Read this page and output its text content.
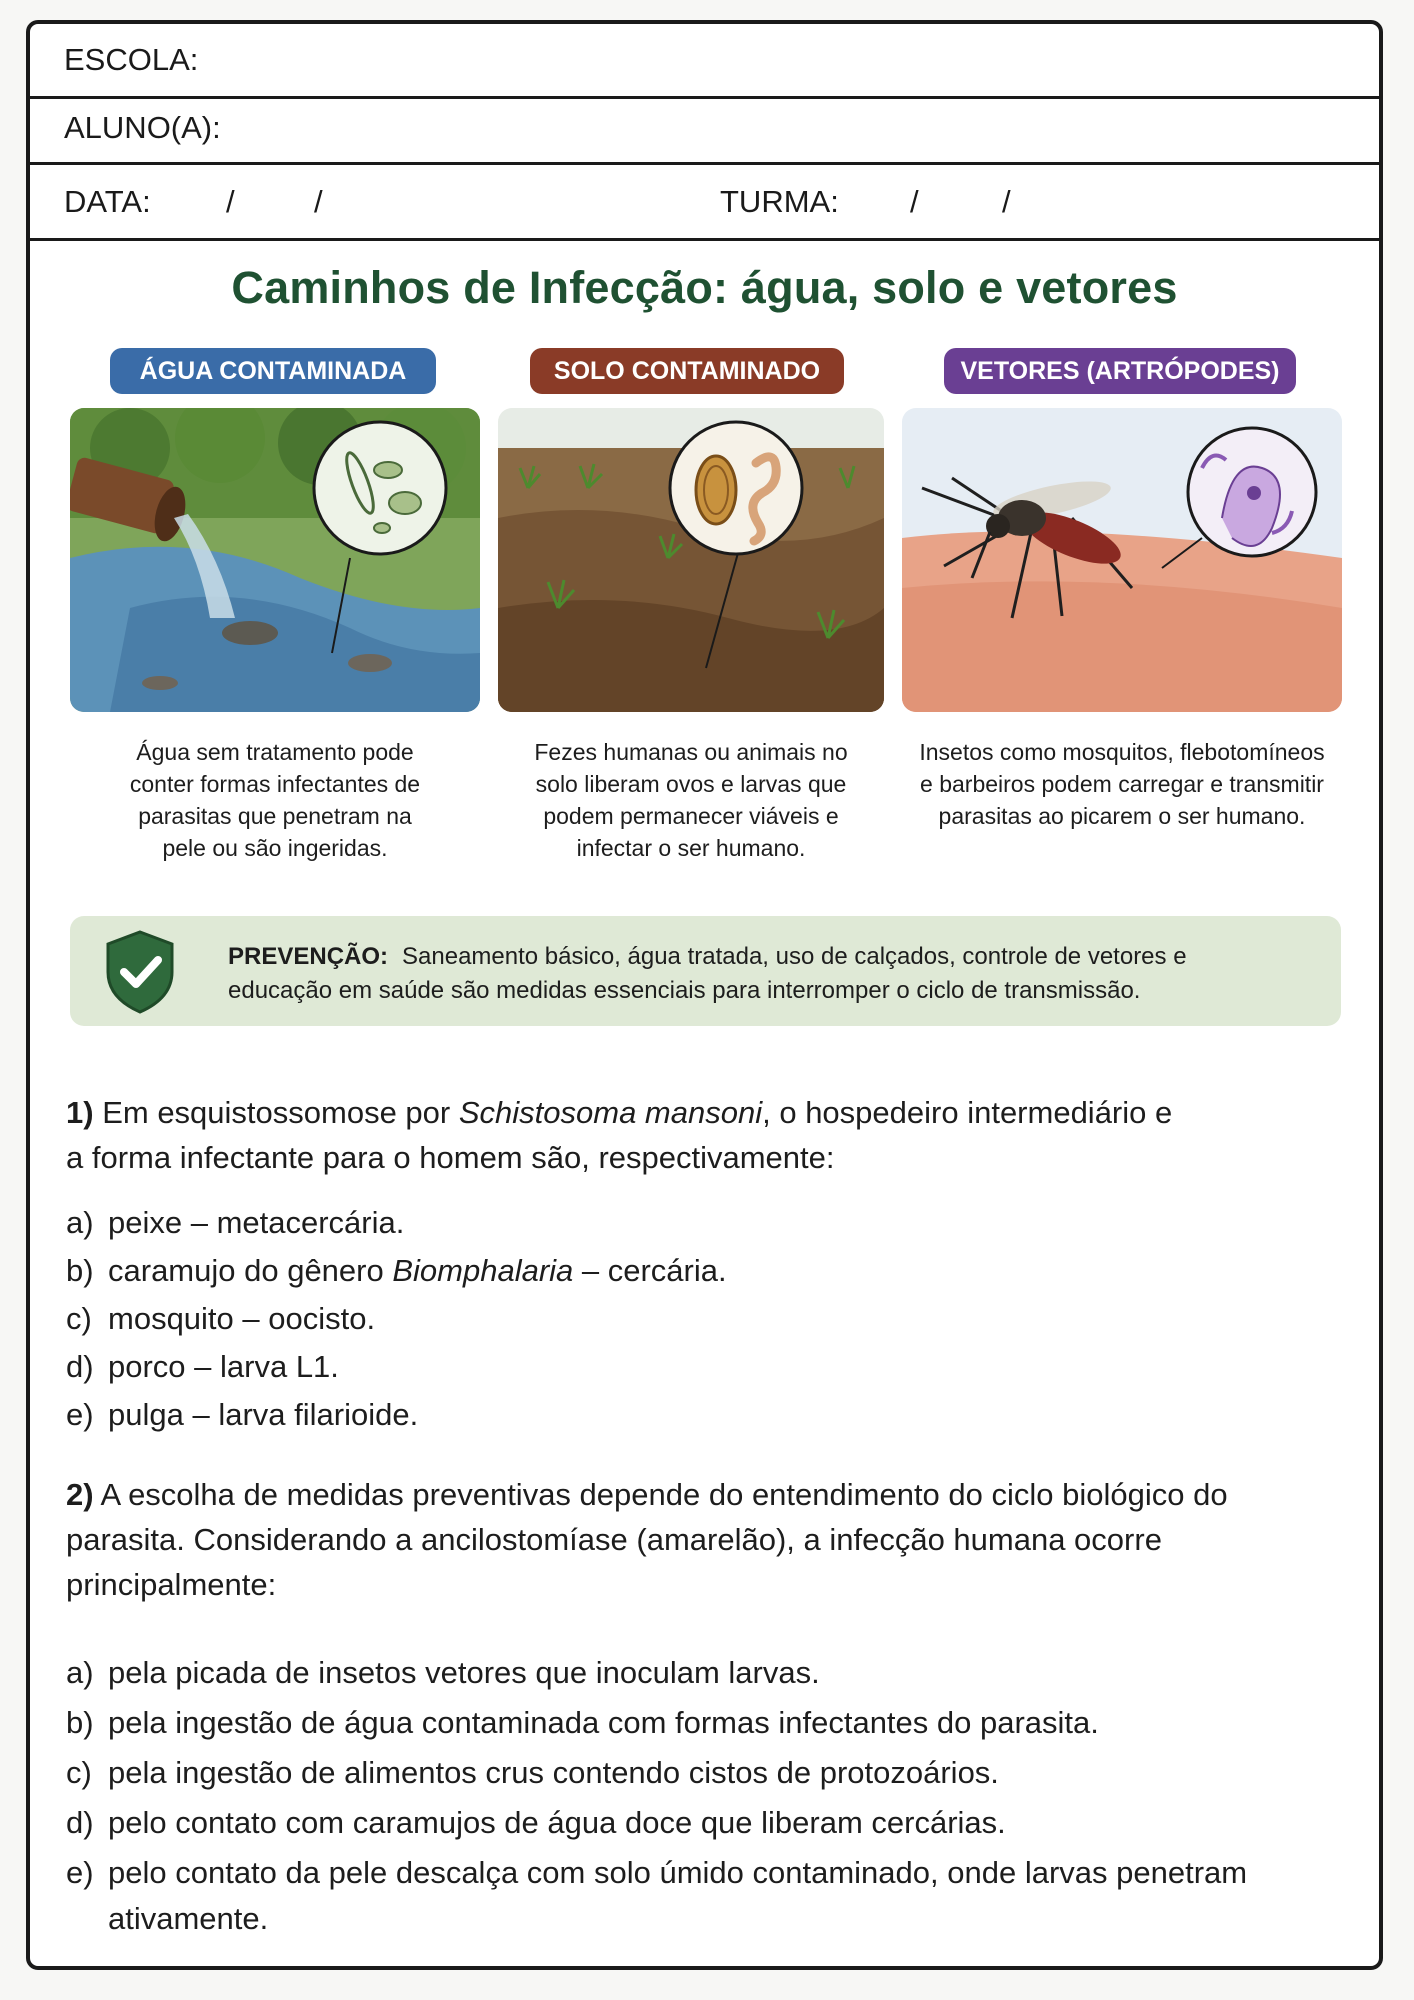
ESCOLA:
ALUNO(A):
DATA: /	/	TURMA: /	/
Caminhos de Infecção: água, solo e vetores
ÁGUA CONTAMINADA	SOLO CONTAMINADO	VETORES (ARTRÓPODES)
Água sem tratamento pode
conter formas infectantes de
parasitas que penetram na
pele ou são ingeridas.
Fezes humanas ou animais no
solo liberam ovos e larvas que
podem permanecer viáveis e
infectar o ser humano.
Insetos como mosquitos, flebotomíneos
e barbeiros podem carregar e transmitir
parasitas ao picarem o ser humano.
PREVENÇÃO: Saneamento básico, água tratada, uso de calçados, controle de vetores e
educação em saúde são medidas essenciais para interromper o ciclo de transmissão.
1) Em esquistossomose por Schistosoma mansoni, o hospedeiro intermediário e
a forma infectante para o homem são, respectivamente:
a) peixe – metacercária.
b) caramujo do gênero Biomphalaria – cercária.
c) mosquito – oocisto.
d) porco – larva L1.
e) pulga – larva filarioide.
2) A escolha de medidas preventivas depende do entendimento do ciclo biológico do
parasita. Considerando a ancilostomíase (amarelão), a infecção humana ocorre
principalmente:
a) pela picada de insetos vetores que inoculam larvas.
b) pela ingestão de água contaminada com formas infectantes do parasita.
c) pela ingestão de alimentos crus contendo cistos de protozoários.
d) pelo contato com caramujos de água doce que liberam cercárias.
e) pelo contato da pele descalça com solo úmido contaminado, onde larvas penetram ativamente.
